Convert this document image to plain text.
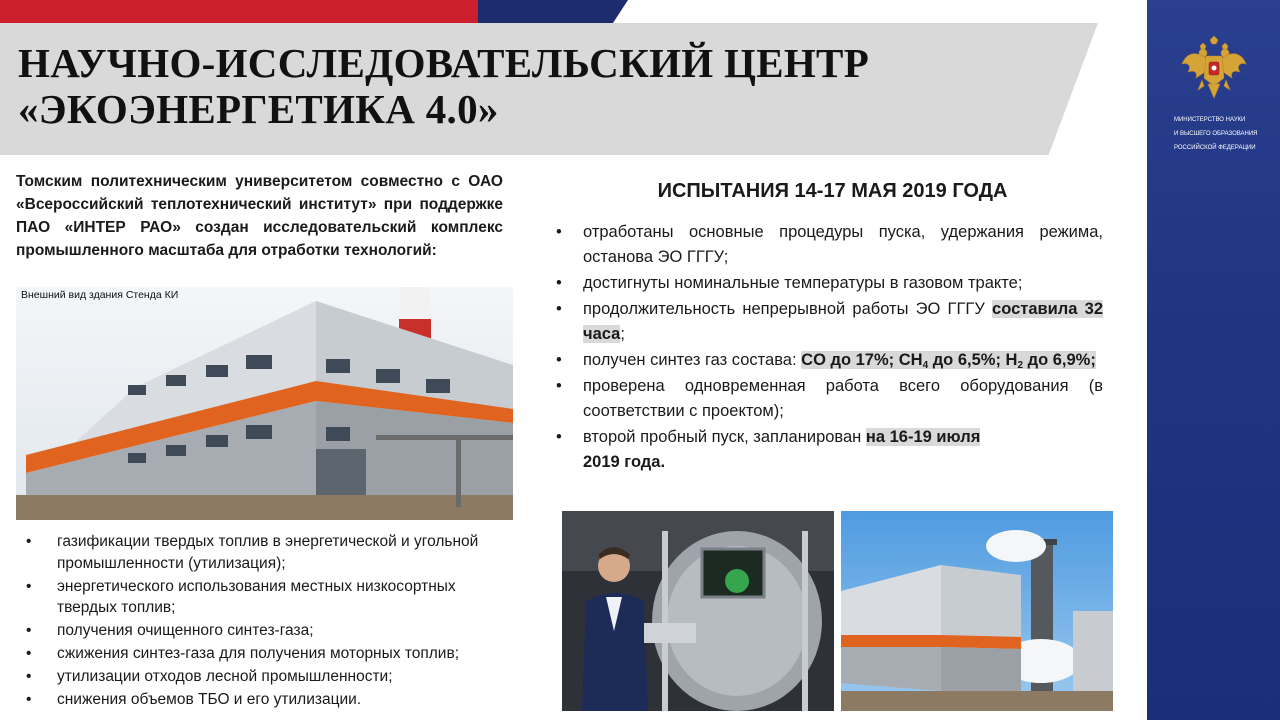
НАУЧНО-ИССЛЕДОВАТЕЛЬСКИЙ ЦЕНТР
«ЭКОЭНЕРГЕТИКА 4.0»	МИНИСТЕРСТВО НАУКИ

И ВЫСШЕГО ОБРАЗОВАНИЯ

РОССИЙСКОЙ ФЕДЕРАЦИИ

Томским политехническим университетом совместно с ОАО «Всероссийский теплотехнический институт» при поддержке ПАО «ИНТЕР РАО» создан исследовательский комплекс промышленного масштаба для отработки технологий:

Внешний вид здания Стенда КИ
• газификации твердых топлив в энергетической и угольной промышленности (утилизация);
• энергетического использования местных низкосортных твердых топлив;
• получения очищенного синтез-газа;
• сжижения синтез-газа для получения моторных топлив;
• утилизации отходов лесной промышленности;
• снижения объемов ТБО и его утилизации.
ИСПЫТАНИЯ 14-17 МАЯ 2019 ГОДА
• отработаны основные процедуры пуска, удержания режима, останова ЭО ГГГУ;
• достигнуты номинальные температуры в газовом тракте;
• продолжительность непрерывной работы ЭО ГГГУ составила 32 часа;
• получен синтез газ состава: CO до 17%; $CH_4$ до 6,5%; $H_2$ до 6,9%;
• проверена одновременная работа всего оборудования (в соответствии с проектом);
• второй пробный пуск, запланирован на 16-19 июля
2019 года.
